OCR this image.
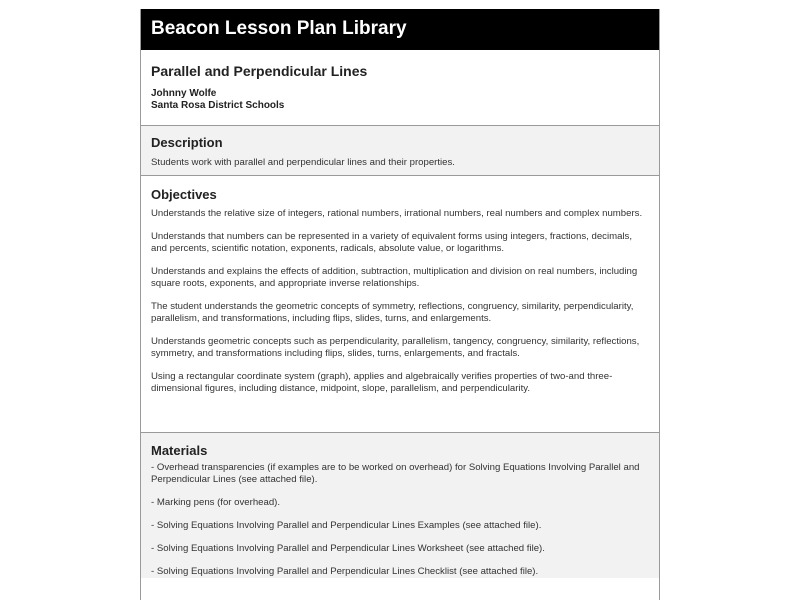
Beacon Lesson Plan Library
Parallel and Perpendicular Lines
Johnny Wolfe
Santa Rosa District Schools
Description
Students work with parallel and perpendicular lines and their properties.
Objectives
Understands the relative size of integers, rational numbers, irrational numbers, real numbers and complex numbers.
Understands that numbers can be represented in a variety of equivalent forms using integers, fractions, decimals, and percents, scientific notation, exponents, radicals, absolute value, or logarithms.
Understands and explains the effects of addition, subtraction, multiplication and division on real numbers, including square roots, exponents, and appropriate inverse relationships.
The student understands the geometric concepts of symmetry, reflections, congruency, similarity, perpendicularity, parallelism, and transformations, including flips, slides, turns, and enlargements.
Understands geometric concepts such as perpendicularity, parallelism, tangency, congruency, similarity, reflections, symmetry, and transformations including flips, slides, turns, enlargements, and fractals.
Using a rectangular coordinate system (graph), applies and algebraically verifies properties of two-and three-dimensional figures, including distance, midpoint, slope, parallelism, and perpendicularity.
Materials
- Overhead transparencies (if examples are to be worked on overhead) for Solving Equations Involving Parallel and Perpendicular Lines (see attached file).
- Marking pens (for overhead).
- Solving Equations Involving Parallel and Perpendicular Lines Examples (see attached file).
- Solving Equations Involving Parallel and Perpendicular Lines Worksheet (see attached file).
- Solving Equations Involving Parallel and Perpendicular Lines Checklist (see attached file).
